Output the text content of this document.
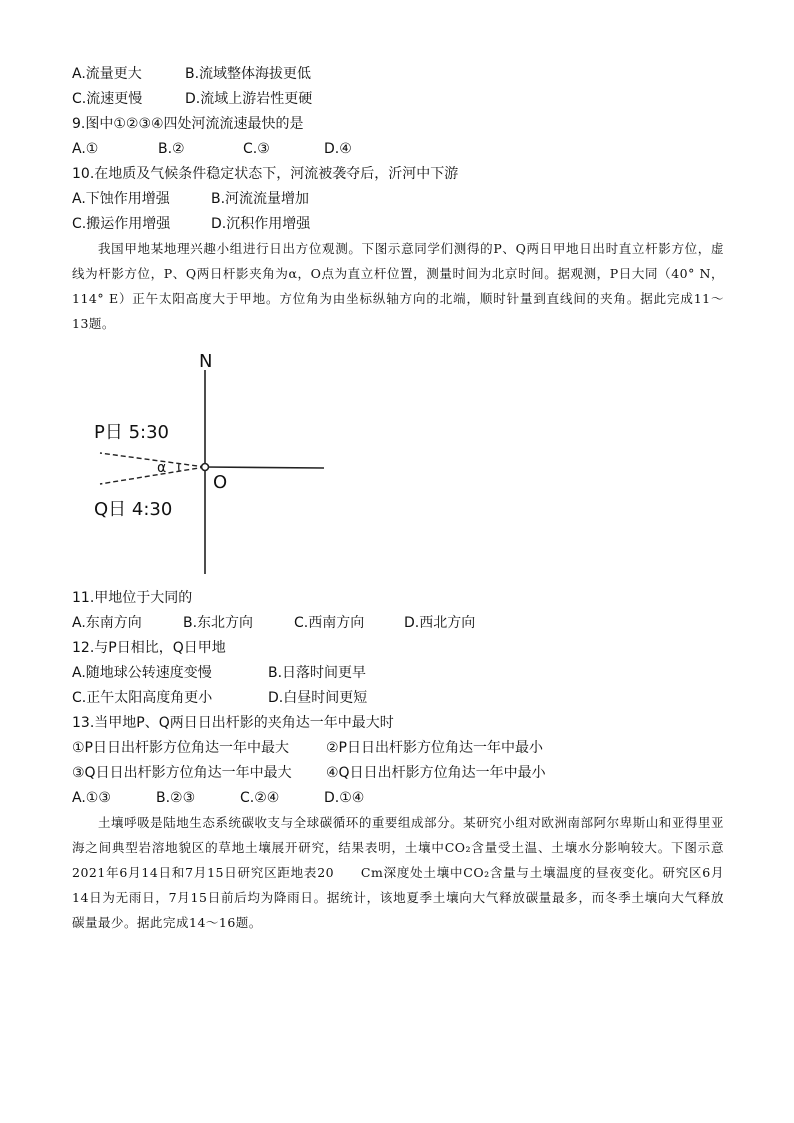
A.流量更大	B.流域整体海拔更低
C.流速更慢	D.流域上游岩性更硬
9.图中①②③④四处河流流速最快的是
A.①	B.②	C.③	D.④
10.在地质及气候条件稳定状态下，河流被袭夺后，沂河中下游
A.下蚀作用增强	B.河流流量增加
C.搬运作用增强	D.沉积作用增强

我国甲地某地理兴趣小组进行日出方位观测。下图示意同学们测得的P、Q两日甲地日出时直立杆影方位，虚线为杆影方位，P、Q两日杆影夹角为α，O点为直立杆位置，测量时间为北京时间。据观测，P日大同（40° N，114° E）正午太阳高度大于甲地。方位角为由坐标纵轴方向的北端，顺时针量到直线间的夹角。据此完成11～13题。

N
O
α
P日 5:30
Q日 4:30
11.甲地位于大同的
A.东南方向	B.东北方向	C.西南方向	D.西北方向
12.与P日相比，Q日甲地
A.随地球公转速度变慢	B.日落时间更早
C.正午太阳高度角更小	D.白昼时间更短
13.当甲地P、Q两日日出杆影的夹角达一年中最大时
①P日日出杆影方位角达一年中最大	②P日日出杆影方位角达一年中最小
③Q日日出杆影方位角达一年中最大 ④Q日日出杆影方位角达一年中最小
A.①③	B.②③	C.②④	D.①④

土壤呼吸是陆地生态系统碳收支与全球碳循环的重要组成部分。某研究小组对欧洲南部阿尔卑斯山和亚得里亚海之间典型岩溶地貌区的草地土壤展开研究，结果表明，土壤中CO₂含量受土温、土壤水分影响较大。下图示意2021年6月14日和7月15日研究区距地表20　　Cm深度处土壤中CO₂含量与土壤温度的昼夜变化。研究区6月14日为无雨日，7月15日前后均为降雨日。据统计，该地夏季土壤向大气释放碳量最多，而冬季土壤向大气释放碳量最少。据此完成14～16题。
